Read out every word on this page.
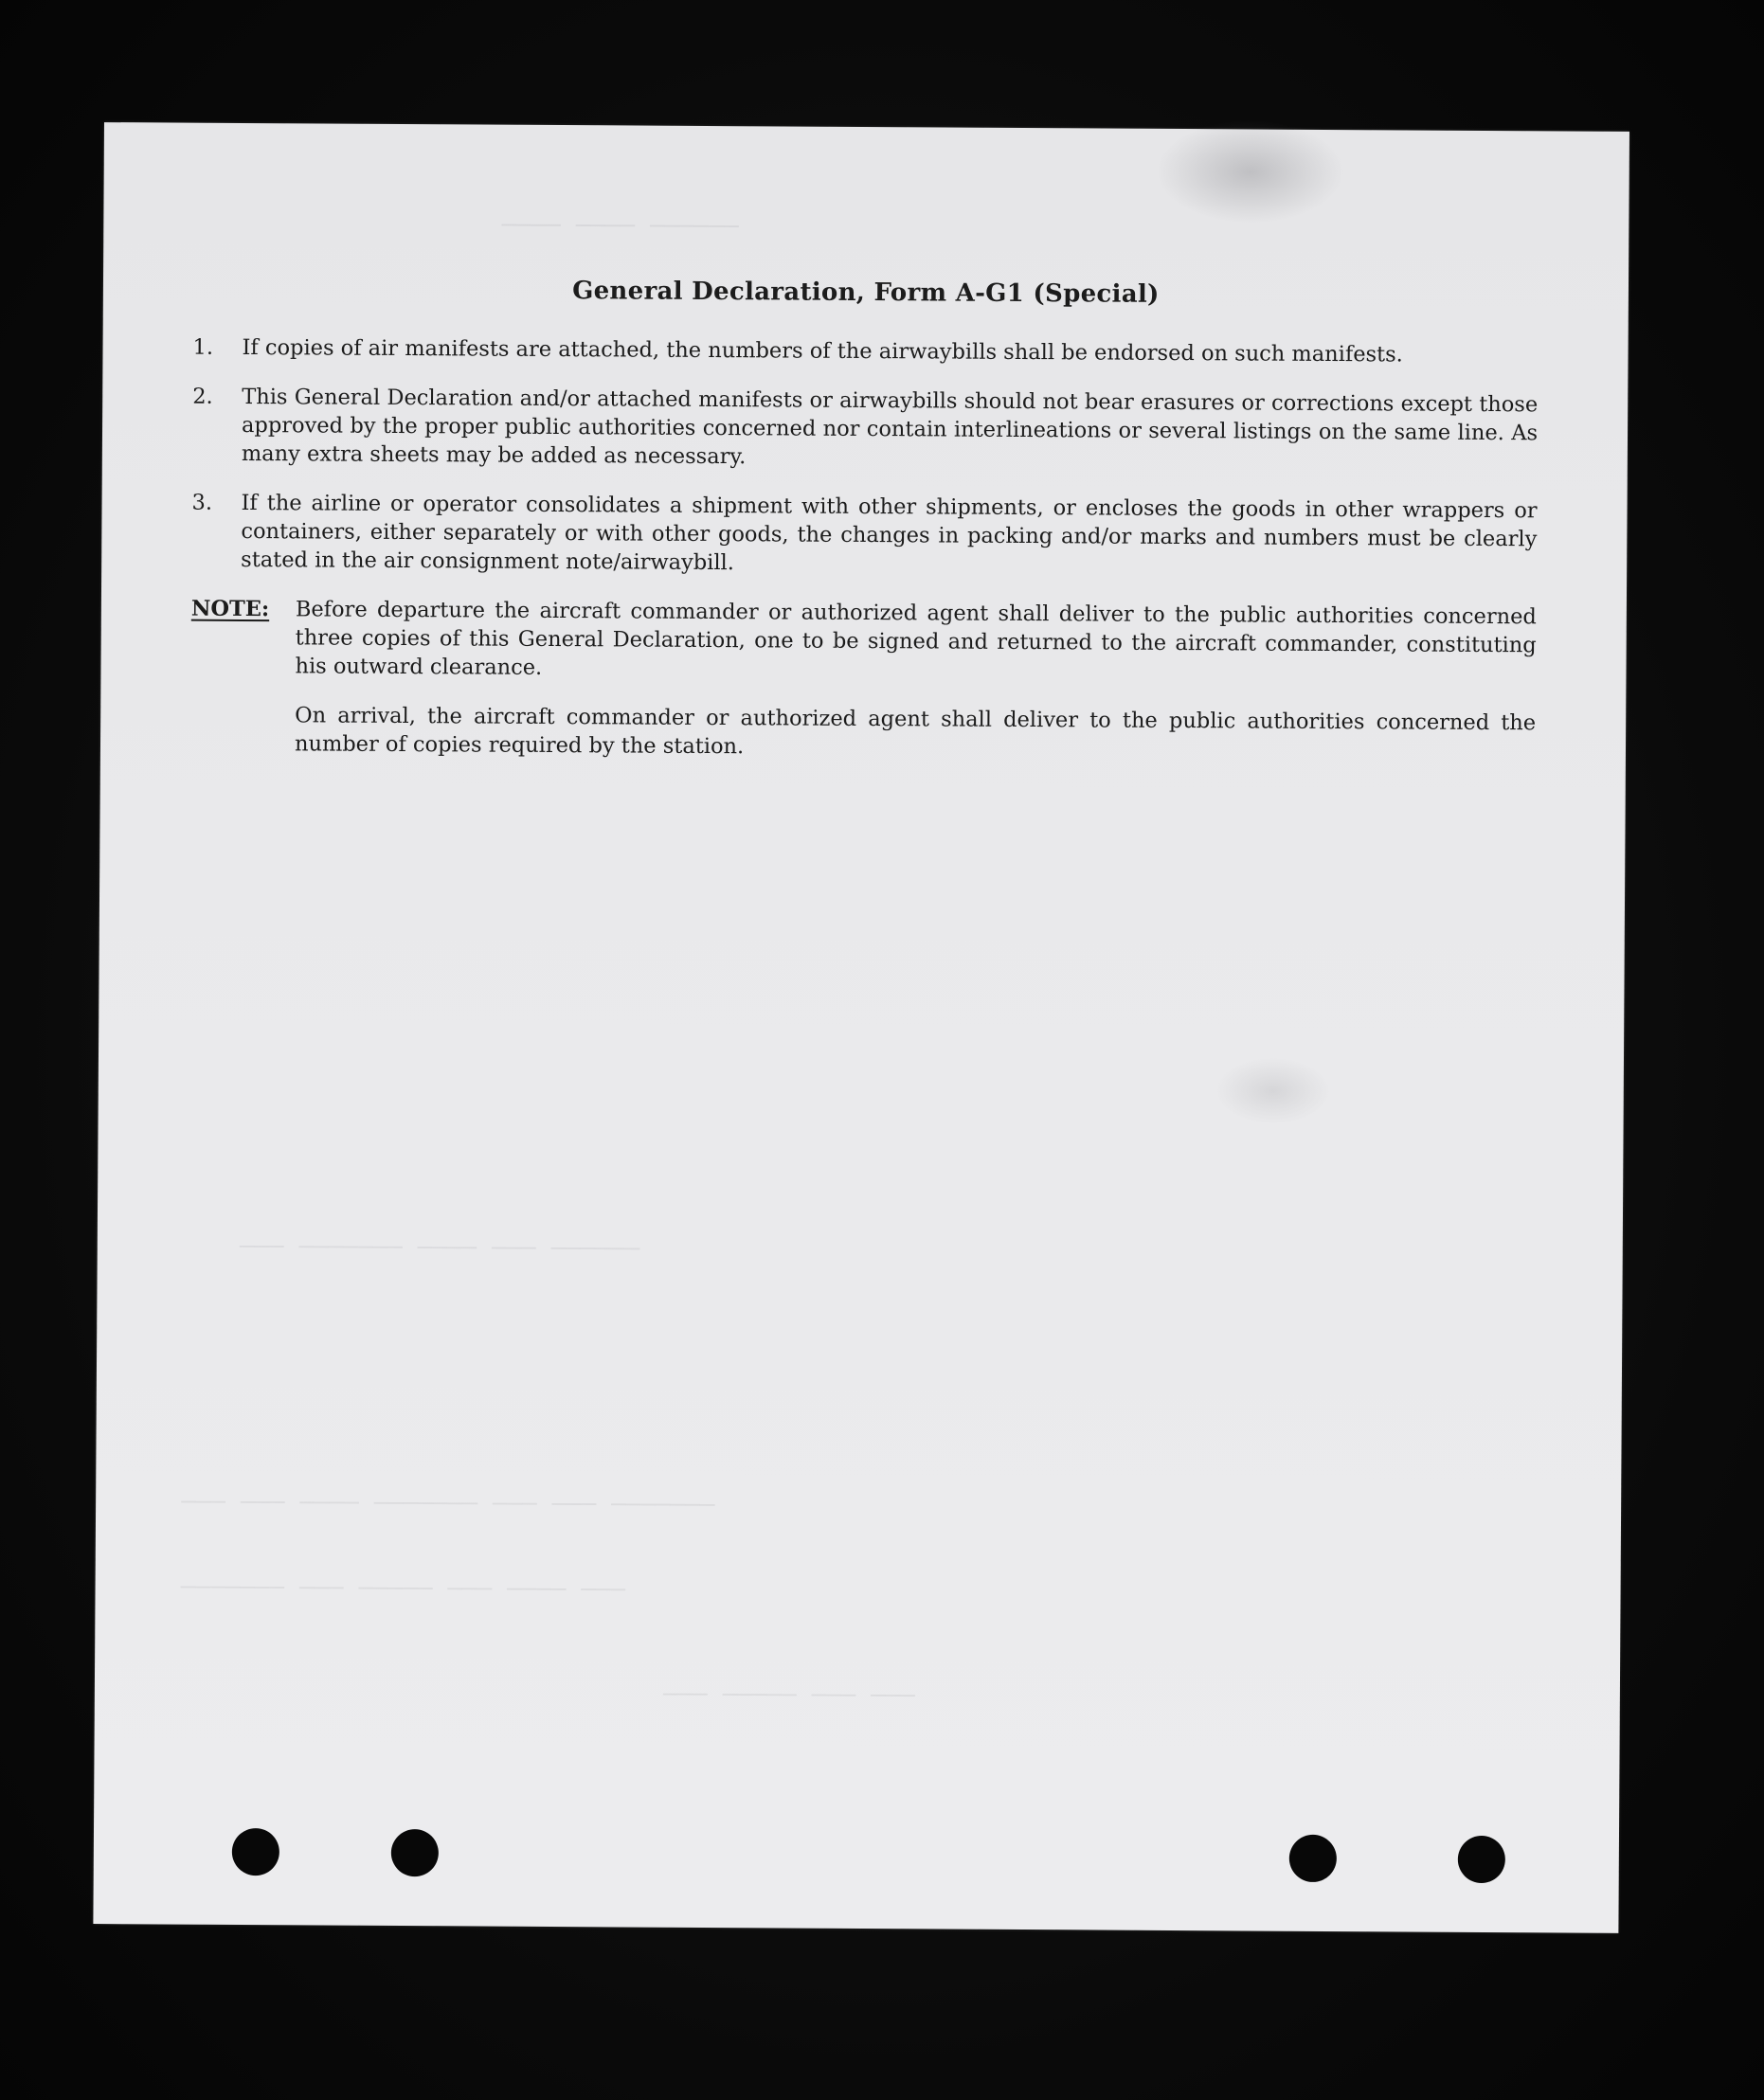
———— ———— ——————
——— ——————— ———— ——— ——————
——— ——— ———— ——————— ——— ——— ———————
——————— ——— ————— ——— ———— ———
——— ————— ——— ———
General Declaration, Form A-G1 (Special)
1.	If copies of air manifests are attached, the numbers of the airwaybills shall be endorsed on such manifests.
2.	This General Declaration and/or attached manifests or airwaybills should not bear erasures or corrections except those approved by the proper public authorities concerned nor contain interlineations or several listings on the same line. As many extra sheets may be added as necessary.
3.	If the airline or operator consolidates a shipment with other shipments, or encloses the goods in other wrappers or containers, either separately or with other goods, the changes in packing and/or marks and numbers must be clearly stated in the air consignment note/airwaybill.
NOTE:	Before departure the aircraft commander or authorized agent shall deliver to the public authorities concerned three copies of this General Declaration, one to be signed and returned to the aircraft commander, constituting his outward clearance.

On arrival, the aircraft commander or authorized agent shall deliver to the public authorities concerned the number of copies required by the station.
